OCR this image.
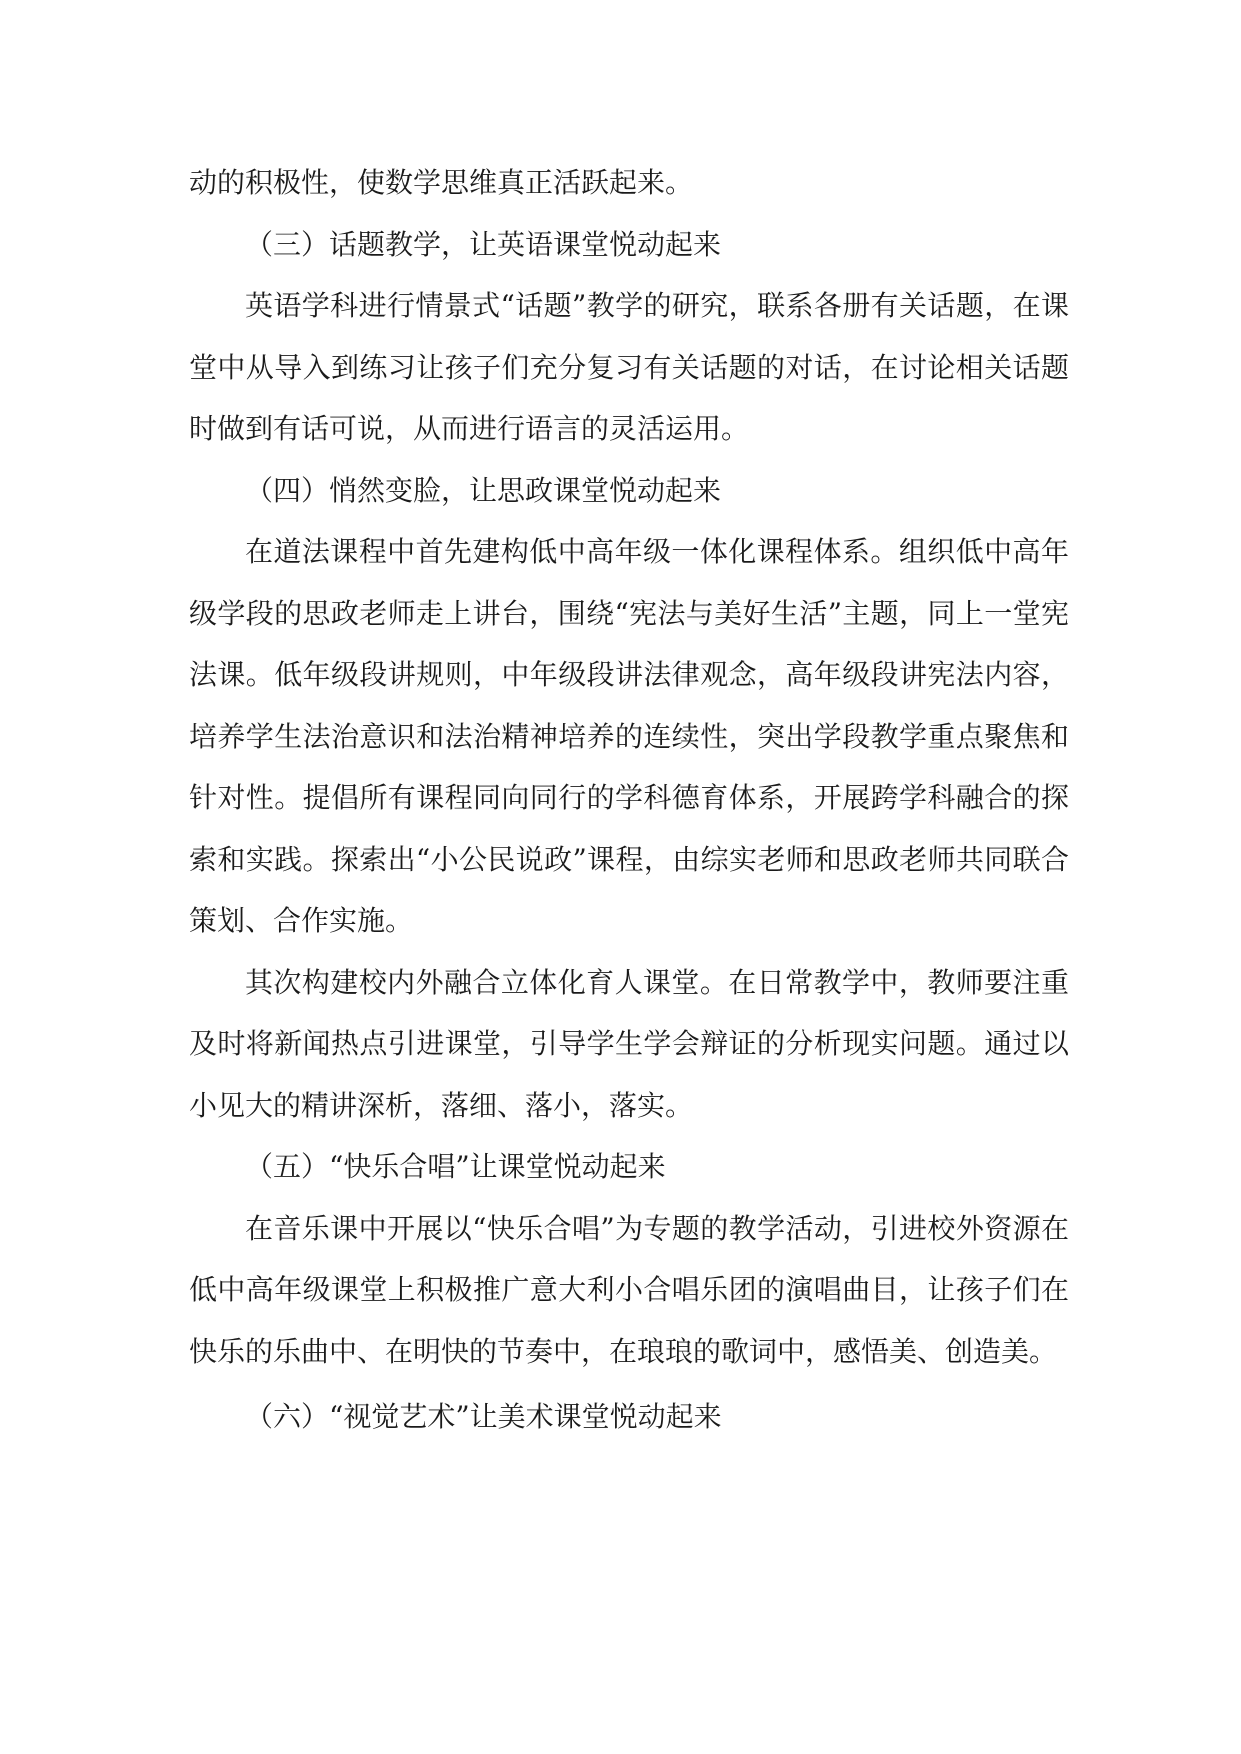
动的积极性，使数学思维真正活跃起来。

（三）话题教学，让英语课堂悦动起来

英语学科进行情景式“话题”教学的研究，联系各册有关话题，在课堂中从导入到练习让孩子们充分复习有关话题的对话，在讨论相关话题时做到有话可说，从而进行语言的灵活运用。

（四）悄然变脸，让思政课堂悦动起来

在道法课程中首先建构低中高年级一体化课程体系。组织低中高年级学段的思政老师走上讲台，围绕“宪法与美好生活”主题，同上一堂宪法课。低年级段讲规则，中年级段讲法律观念，高年级段讲宪法内容，培养学生法治意识和法治精神培养的连续性，突出学段教学重点聚焦和针对性。提倡所有课程同向同行的学科德育体系，开展跨学科融合的探索和实践。探索出“小公民说政”课程，由综实老师和思政老师共同联合策划、合作实施。

其次构建校内外融合立体化育人课堂。在日常教学中，教师要注重及时将新闻热点引进课堂，引导学生学会辩证的分析现实问题。通过以小见大的精讲深析，落细、落小，落实。

（五）“快乐合唱”让课堂悦动起来

在音乐课中开展以“快乐合唱”为专题的教学活动，引进校外资源在低中高年级课堂上积极推广意大利小合唱乐团的演唱曲目，让孩子们在快乐的乐曲中、在明快的节奏中，在琅琅的歌词中，感悟美、创造美。

（六）“视觉艺术”让美术课堂悦动起来
